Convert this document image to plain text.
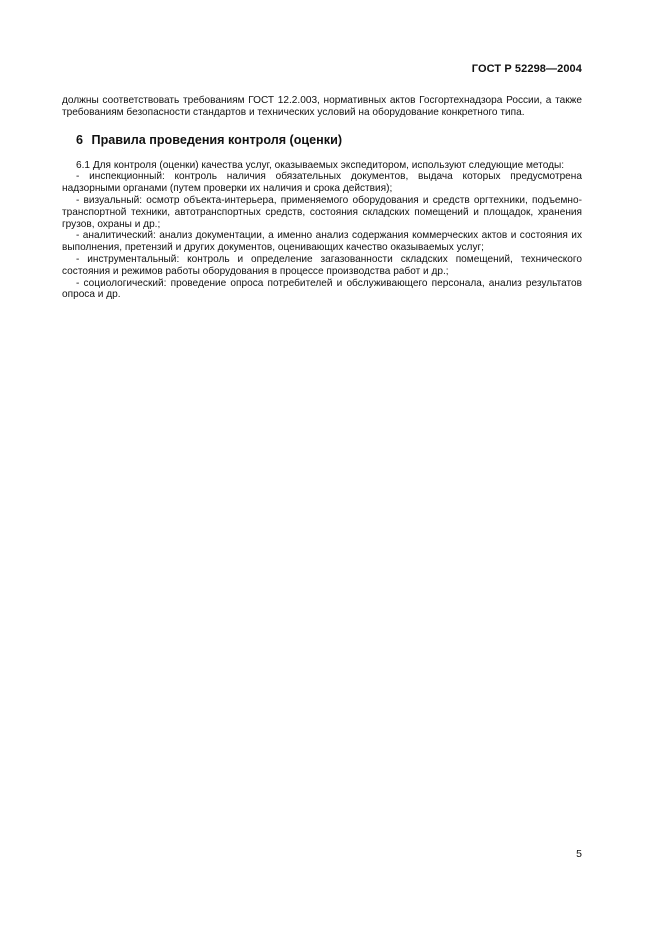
ГОСТ Р 52298—2004

должны соответствовать требованиям ГОСТ 12.2.003, нормативных актов Госгортехнадзора России, а также требованиям безопасности стандартов и технических условий на оборудование конкретного типа.

6 Правила проведения контроля (оценки)

6.1 Для контроля (оценки) качества услуг, оказываемых экспедитором, используют следующие методы:

- инспекционный: контроль наличия обязательных документов, выдача которых предусмотрена надзорными органами (путем проверки их наличия и срока действия);

- визуальный: осмотр объекта-интерьера, применяемого оборудования и средств оргтехники, подъемно-транспортной техники, автотранспортных средств, состояния складских помещений и площадок, хранения грузов, охраны и др.;

- аналитический: анализ документации, а именно анализ содержания коммерческих актов и состояния их выполнения, претензий и других документов, оценивающих качество оказываемых услуг;

- инструментальный: контроль и определение загазованности складских помещений, технического состояния и режимов работы оборудования в процессе производства работ и др.;

- социологический: проведение опроса потребителей и обслуживающего персонала, анализ результатов опроса и др.

5
